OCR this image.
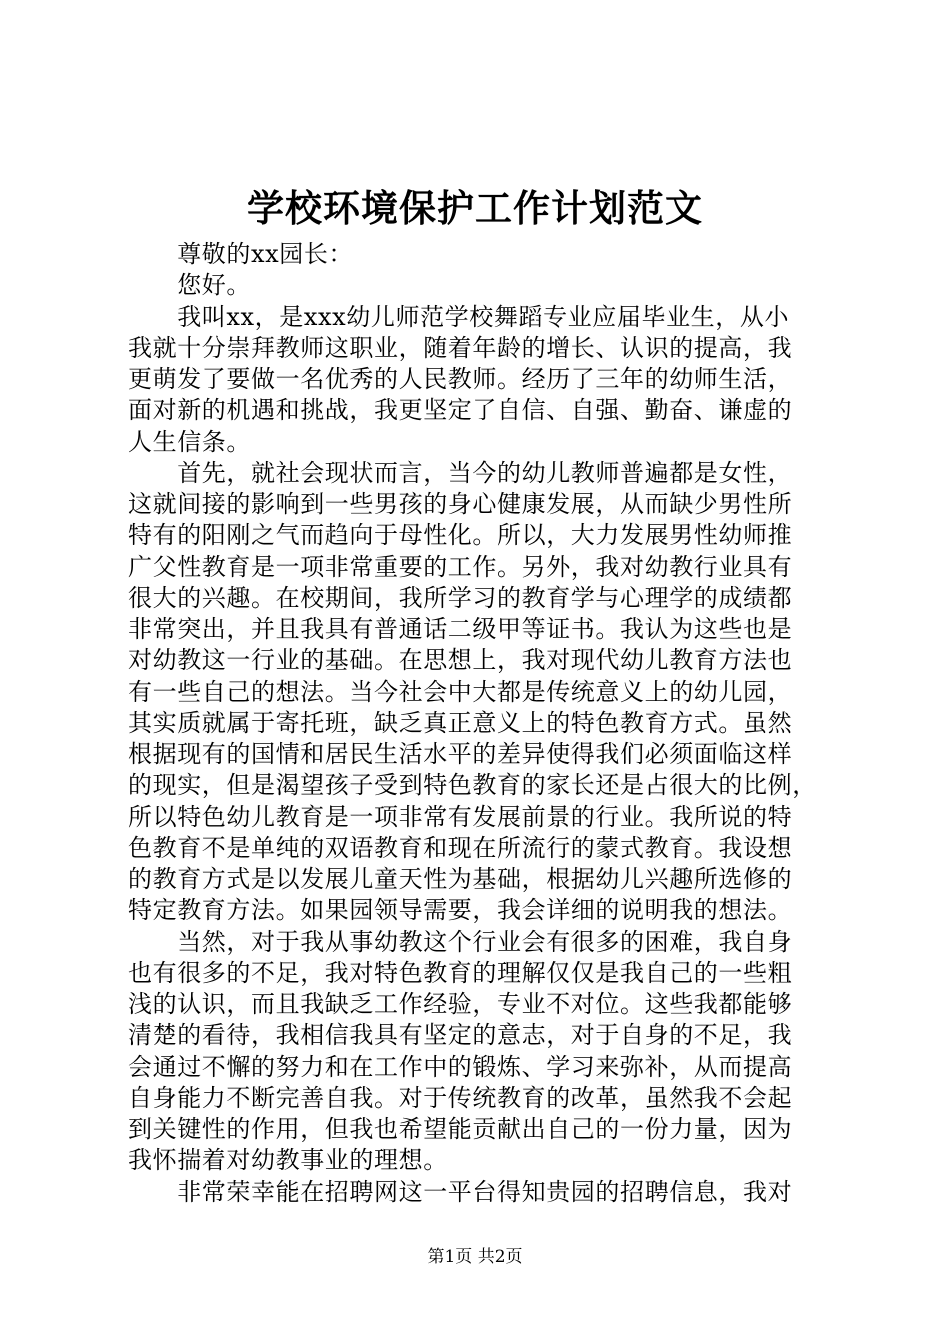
学校环境保护工作计划范文
　　尊敬的xx园长：
　　您好。
　　我叫xx，是xxx幼儿师范学校舞蹈专业应届毕业生，从小
我就十分崇拜教师这职业，随着年龄的增长、认识的提高，我
更萌发了要做一名优秀的人民教师。经历了三年的幼师生活，
面对新的机遇和挑战，我更坚定了自信、自强、勤奋、谦虚的
人生信条。
　　首先，就社会现状而言，当今的幼儿教师普遍都是女性，
这就间接的影响到一些男孩的身心健康发展，从而缺少男性所
特有的阳刚之气而趋向于母性化。所以，大力发展男性幼师推
广父性教育是一项非常重要的工作。另外，我对幼教行业具有
很大的兴趣。在校期间，我所学习的教育学与心理学的成绩都
非常突出，并且我具有普通话二级甲等证书。我认为这些也是
对幼教这一行业的基础。在思想上，我对现代幼儿教育方法也
有一些自己的想法。当今社会中大都是传统意义上的幼儿园，
其实质就属于寄托班，缺乏真正意义上的特色教育方式。虽然
根据现有的国情和居民生活水平的差异使得我们必须面临这样
的现实，但是渴望孩子受到特色教育的家长还是占很大的比例，
所以特色幼儿教育是一项非常有发展前景的行业。我所说的特
色教育不是单纯的双语教育和现在所流行的蒙式教育。我设想
的教育方式是以发展儿童天性为基础，根据幼儿兴趣所选修的
特定教育方法。如果园领导需要，我会详细的说明我的想法。
　　当然，对于我从事幼教这个行业会有很多的困难，我自身
也有很多的不足，我对特色教育的理解仅仅是我自己的一些粗
浅的认识，而且我缺乏工作经验，专业不对位。这些我都能够
清楚的看待，我相信我具有坚定的意志，对于自身的不足，我
会通过不懈的努力和在工作中的锻炼、学习来弥补，从而提高
自身能力不断完善自我。对于传统教育的改革，虽然我不会起
到关键性的作用，但我也希望能贡献出自己的一份力量，因为
我怀揣着对幼教事业的理想。
　　非常荣幸能在招聘网这一平台得知贵园的招聘信息，我对
第1页 共2页
